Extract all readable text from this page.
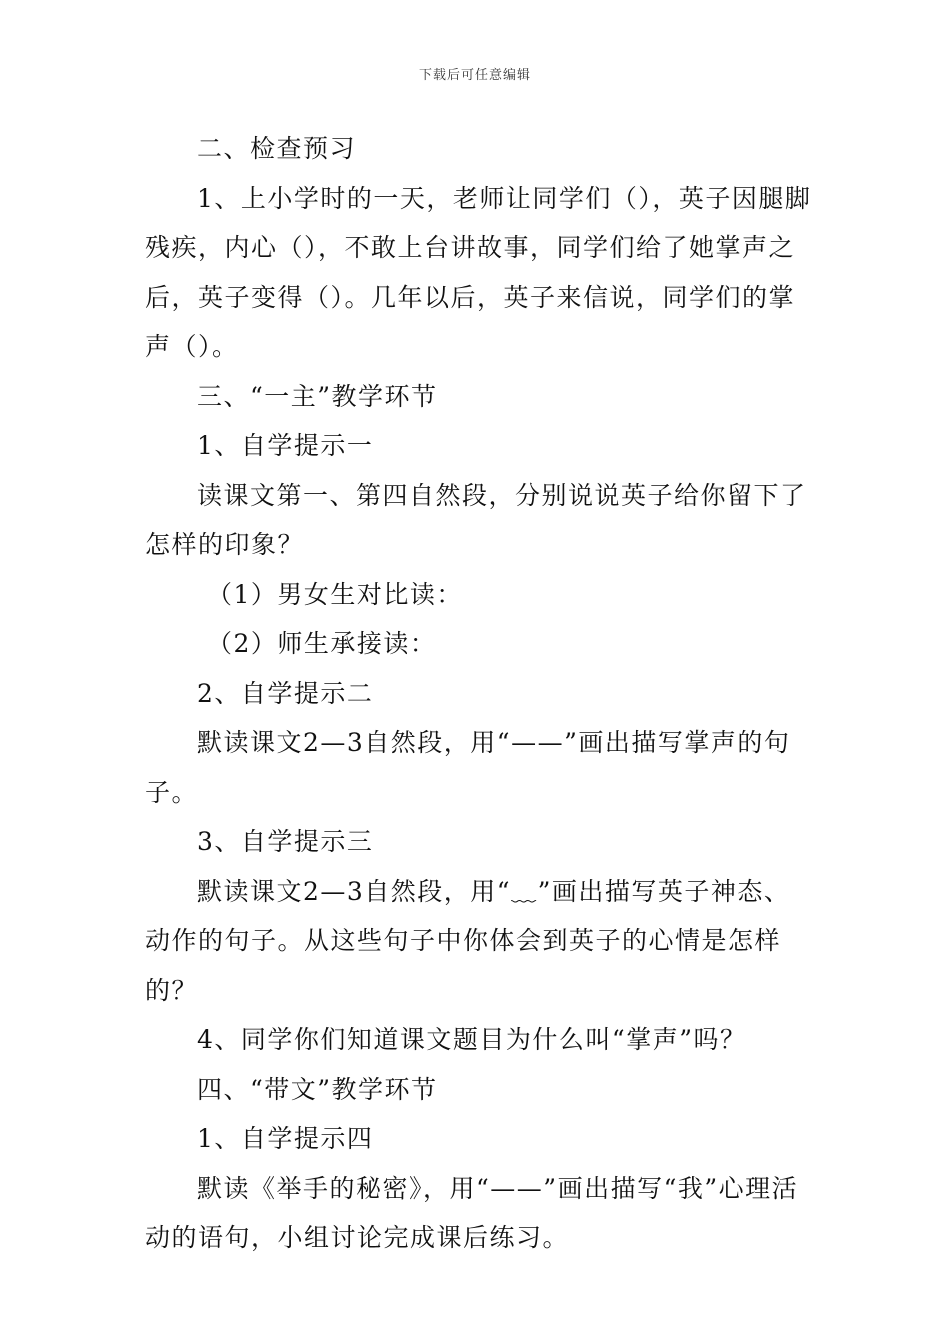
下载后可任意编辑

二、检查预习

1、上小学时的一天，老师让同学们（），英子因腿脚残疾，内心（），不敢上台讲故事，同学们给了她掌声之后，英子变得（）。几年以后，英子来信说，同学们的掌声（）。

三、“一主”教学环节

1、自学提示一

读课文第一、第四自然段，分别说说英子给你留下了怎样的印象？

（1）男女生对比读：

（2）师生承接读：

2、自学提示二

默读课文2—3自然段，用“——”画出描写掌声的句子。

3、自学提示三

默读课文2—3自然段，用“﹏”画出描写英子神态、动作的句子。从这些句子中你体会到英子的心情是怎样的？

4、同学你们知道课文题目为什么叫“掌声”吗？

四、“带文”教学环节

1、自学提示四

默读《举手的秘密》，用“——”画出描写“我”心理活动的语句，小组讨论完成课后练习。
